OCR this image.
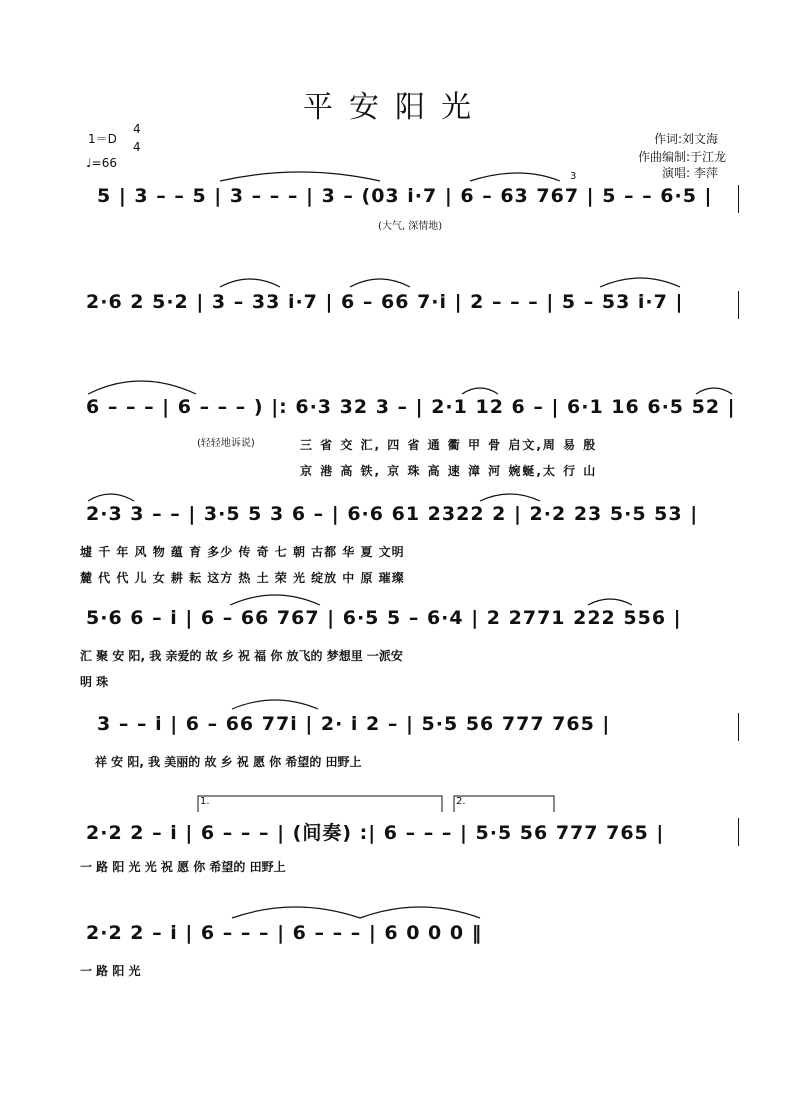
平安阳光
1＝D
4
4
♩=66
作词:刘文海
作曲编制:于江龙
演唱: 李萍
5 | 3 – – 5 | 3 – – – | 3 – (03 i·7 | 6 – 63 767 | 5 – – 6·5 |
(大气, 深情地)
3
2·6 2 5·2 | 3 – 33 i·7 | 6 – 66 7·i | 2 – – – | 5 – 53 i·7 |
6 – – – | 6 – – – ) |: 6·3 32 3 – | 2·1 12 6 – | 6·1 16 6·5 52 |
(轻轻地诉说)	三 省 交 汇, 四 省 通 衢 甲 骨 启文,周 易 殷
京 港 高 铁, 京 珠 高 速 漳 河 婉蜒,太 行 山
2·3 3 – – | 3·5 5 3 6 – | 6·6 61 2322 2 | 2·2 23 5·5 53 |
墟 千 年 风 物 蕴 育 多少 传 奇 七 朝 古都 华 夏 文明
麓 代 代 儿 女 耕 耘 这方 热 土 荣 光 绽放 中 原 璀璨
5·6 6 – i | 6 – 66 767 | 6·5 5 – 6·4 | 2 2771 222 556 |
汇 聚 安 阳, 我 亲爱的 故 乡 祝 福 你 放飞的 梦想里 一派安
明 珠
3 – – i | 6 – 66 77i | 2· i 2 – | 5·5 56 777 765 |
祥 安 阳, 我 美丽的 故 乡 祝 愿 你 希望的 田野上
2·2 2 – i | 6 – – – | (间奏) :| 6 – – – | 5·5 56 777 765 |
一 路 阳 光 光 祝 愿 你 希望的 田野上
1.	2.
2·2 2 – i | 6 – – – | 6 – – – | 6 0 0 0 ‖
一 路 阳 光
